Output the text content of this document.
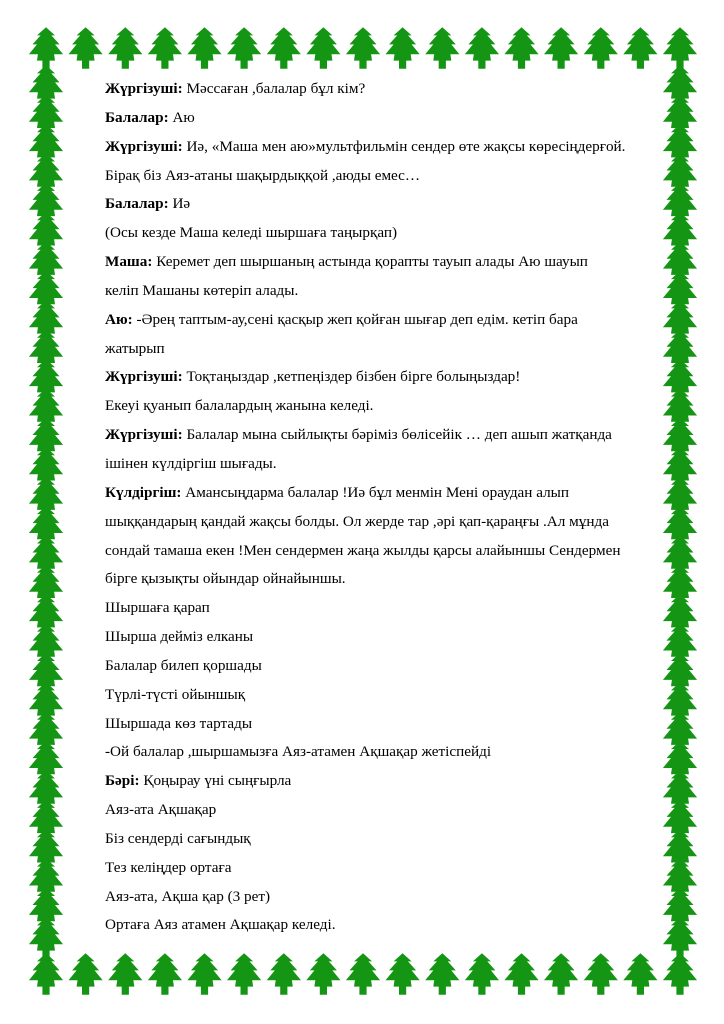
Жүргізуші: Мәссаған ,балалар бұл кім?

Балалар: Аю

Жүргізуші: Иә, «Маша мен аю»мультфильмін сендер өте жақсы көресіңдерғой.

Бірақ біз Аяз-атаны шақырдыққой ,аюды емес…

Балалар: Иә

(Осы кезде Маша келеді шыршаға таңырқап)

Маша: Керемет деп шыршаның астында қорапты тауып алады Аю шауып

келіп Машаны көтеріп алады.

Аю: -Әрең таптым-ау,сені қасқыр жеп қойған шығар деп едім. кетіп бара

жатырып

Жүргізуші: Тоқтаңыздар ,кетпеңіздер бізбен бірге болыңыздар!

Екеуі қуанып балалардың жанына келеді.

Жүргізуші: Балалар мына сыйлықты бәріміз бөлісейік … деп ашып жатқанда

ішінен күлдіргіш шығады.

Күлдіргіш: Амансыңдарма балалар !Иә бұл менмін Мені ораудан алып

шыққандарың қандай жақсы болды. Ол жерде тар ,әрі қап-қараңғы .Ал мұнда

сондай тамаша екен !Мен сендермен жаңа жылды қарсы алайыншы Сендермен

бірге қызықты ойындар ойнайыншы.

Шыршаға қарап

Шырша дейміз елканы

Балалар билеп қоршады

Түрлі-түсті ойыншық

Шыршада көз тартады

-Ой балалар ,шыршамызға Аяз-атамен Ақшақар жетіспейді

Бәрі: Қоңырау үні сыңғырла

Аяз-ата Ақшақар

Біз сендерді сағындық

Тез келіңдер ортаға

Аяз-ата, Ақша қар (3 рет)

Ортаға Аяз атамен Ақшақар келеді.
